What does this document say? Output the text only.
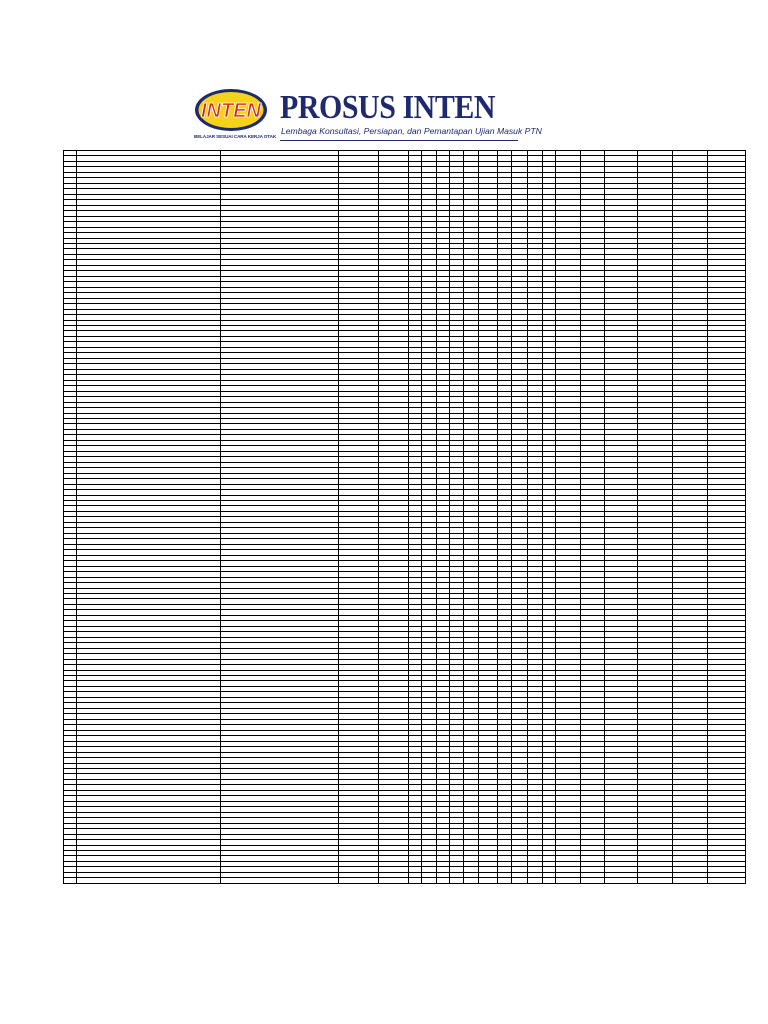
INTEN
BELAJAR SESUAI CARA KERJA OTAK
PROSUS INTEN
Lembaga Konsultasi, Persiapan, dan Pemantapan Ujian Masuk PTN
